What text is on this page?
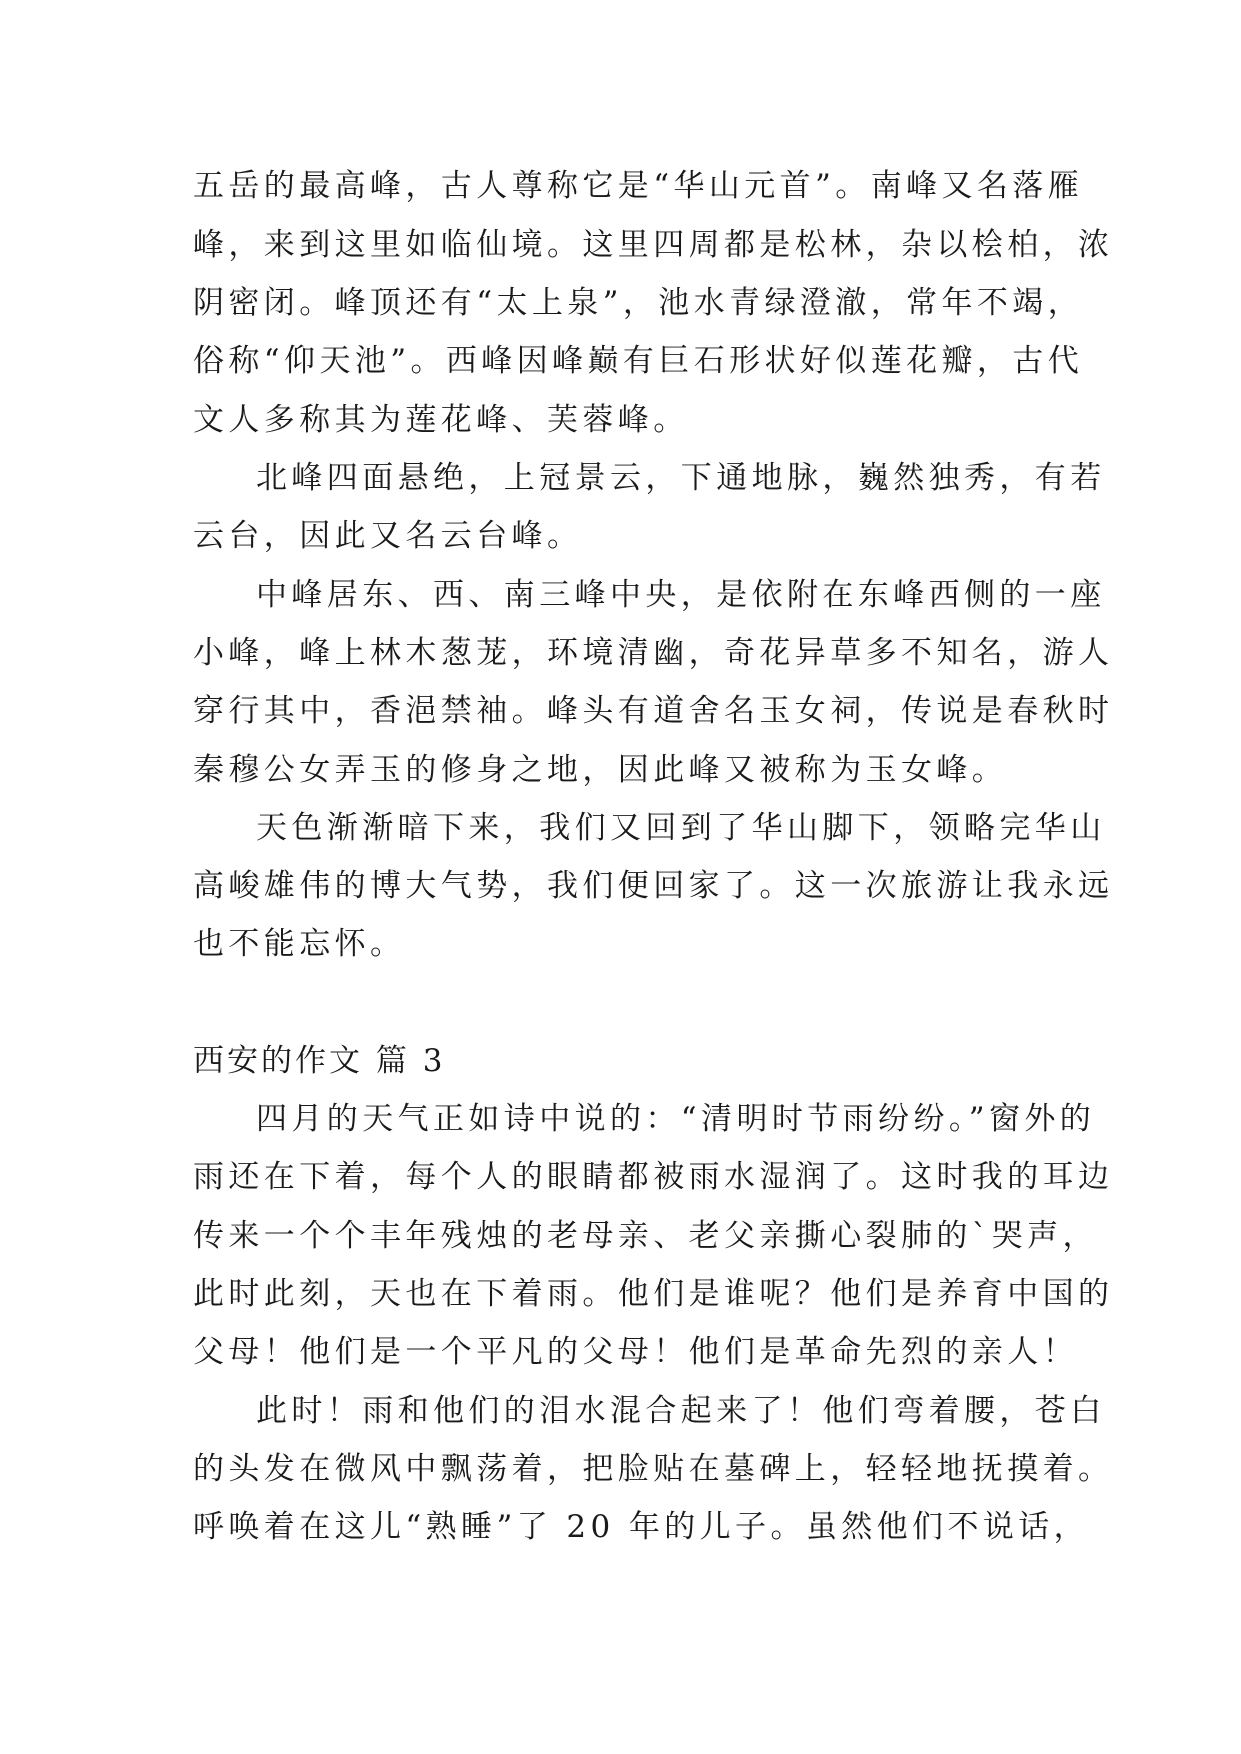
五岳的最高峰，古人尊称它是“华山元首”。南峰又名落雁
峰，来到这里如临仙境。这里四周都是松林，杂以桧柏，浓
阴密闭。峰顶还有“太上泉”，池水青绿澄澈，常年不竭，
俗称“仰天池”。西峰因峰巅有巨石形状好似莲花瓣，古代
文人多称其为莲花峰、芙蓉峰。
北峰四面悬绝，上冠景云，下通地脉，巍然独秀，有若
云台，因此又名云台峰。
中峰居东、西、南三峰中央，是依附在东峰西侧的一座
小峰，峰上林木葱茏，环境清幽，奇花异草多不知名，游人
穿行其中，香浥禁袖。峰头有道舍名玉女祠，传说是春秋时
秦穆公女弄玉的修身之地，因此峰又被称为玉女峰。
天色渐渐暗下来，我们又回到了华山脚下，领略完华山
高峻雄伟的博大气势，我们便回家了。这一次旅游让我永远
也不能忘怀。
西安的作文 篇 3
四月的天气正如诗中说的：“清明时节雨纷纷。”窗外的
雨还在下着，每个人的眼睛都被雨水湿润了。这时我的耳边
传来一个个丰年残烛的老母亲、老父亲撕心裂肺的`哭声，
此时此刻，天也在下着雨。他们是谁呢？他们是养育中国的
父母！他们是一个平凡的父母！他们是革命先烈的亲人！
此时！雨和他们的泪水混合起来了！他们弯着腰，苍白
的头发在微风中飘荡着，把脸贴在墓碑上，轻轻地抚摸着。
呼唤着在这儿“熟睡”了 20 年的儿子。虽然他们不说话，
